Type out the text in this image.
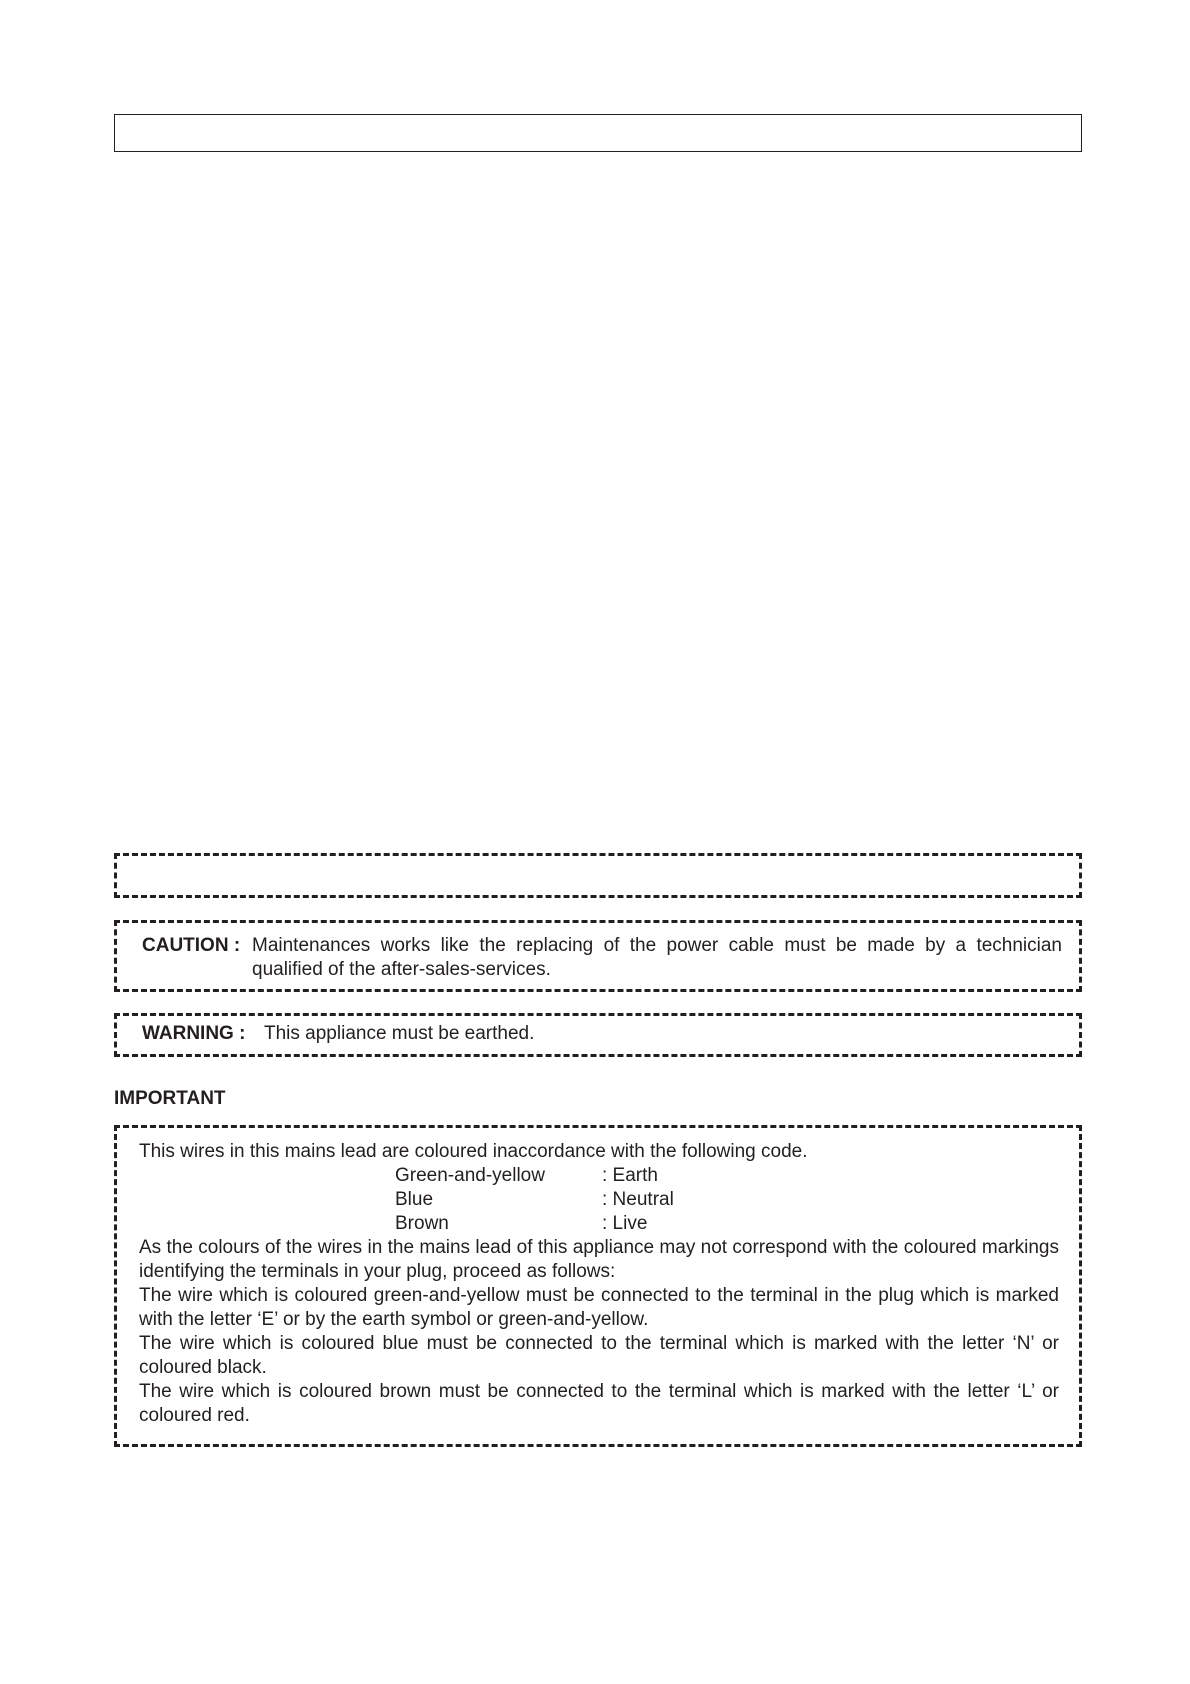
CAUTION : Maintenances works like the replacing of the power cable must be made by a technician qualified of the after-sales-services.
WARNING : This appliance must be earthed.
IMPORTANT

This wires in this mains lead are coloured inaccordance with the following code.

Green-and-yellow	: Earth
Blue	: Neutral
Brown	: Live

As the colours of the wires in the mains lead of this appliance may not correspond with the coloured markings identifying the terminals in your plug, proceed as follows:

The wire which is coloured green-and-yellow must be connected to the terminal in the plug which is marked with the letter ‘E’ or by the earth symbol or green-and-yellow.

The wire which is coloured blue must be connected to the terminal which is marked with the letter ‘N’ or coloured black.

The wire which is coloured brown must be connected to the terminal which is marked with the letter ‘L’ or coloured red.
